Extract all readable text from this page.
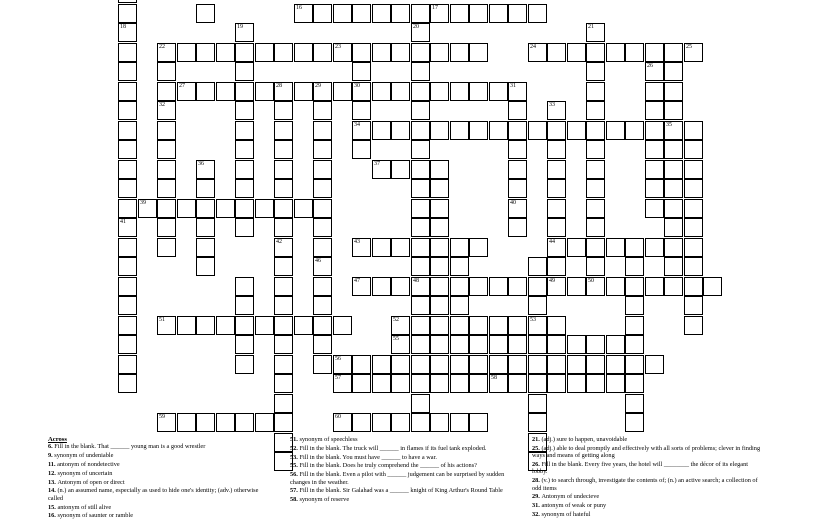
16	17
22	23	24	25
27	28	29	30	31
34	35
37
39
43	44
47	48	49	50
51	52	53
55
56
57	58
59	60
18
41
32
36
19
42
46
20
40
33
21
26
Across
6. Fill in the blank. That ______ young man is a good wrestler
9. synonym of undeniable
11. antonym of nondetective
12. synonym of uncertain
13. Antonym of open or direct
14. (n.) an assumed name, especially as used to hide one's identity; (adv.) otherwise called
15. antonym of still alive
16. synonym of saunter or ramble
51. synonym of speechless
52. Fill in the blank. The truck will ______ in flames if its fuel tank exploded.
53. Fill in the blank. You must have ______ to have a war.
55. Fill in the blank. Does he truly comprehend the ______ of his actions?
56. Fill in the blank. Even a pilot with ______ judgement can be surprised by sudden changes in the weather.
57. Fill in the blank. Sir Galahad was a ______ knight of King Arthur's Round Table
58. synonym of reserve
21. (adj.) sure to happen, unavoidable
25. (adj.) able to deal promptly and effectively with all sorts of problems; clever in finding ways and means of getting along
26. Fill in the blank. Every five years, the hotel will ________ the décor of its elegant lobby.
28. (v.) to search through, investigate the contents of; (n.) an active search; a collection of odd items
29. Antonym of undecieve
31. antonym of weak or puny
32. synonym of hateful
